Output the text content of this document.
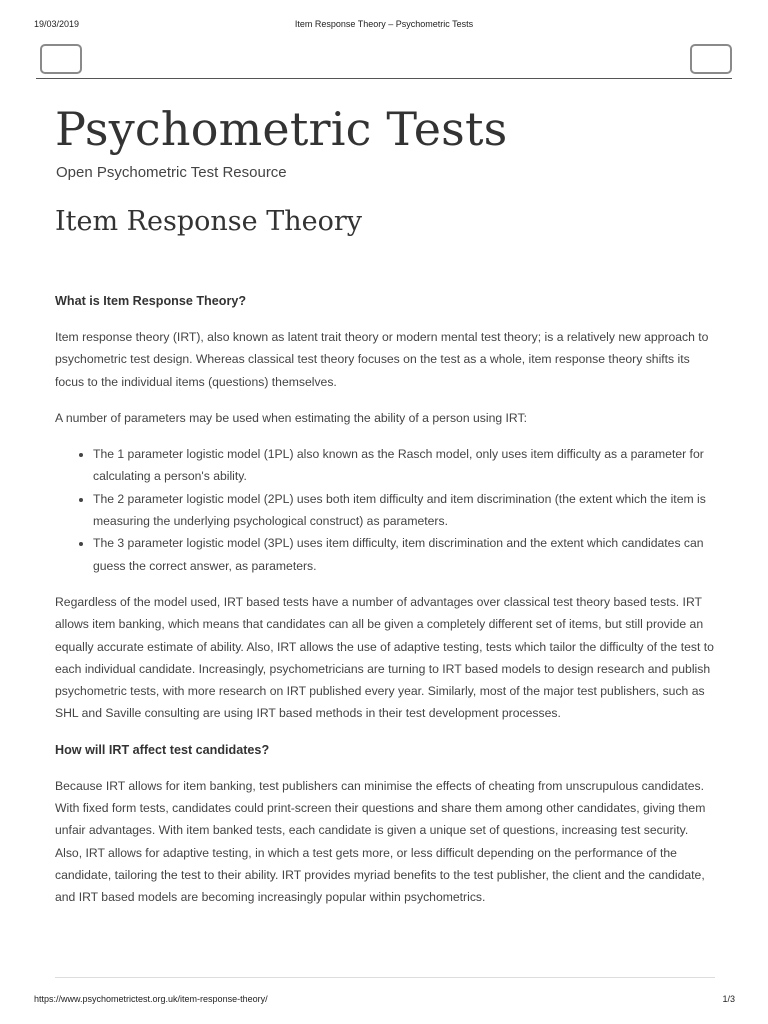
19/03/2019	Item Response Theory – Psychometric Tests
Psychometric Tests
Open Psychometric Test Resource
Item Response Theory
What is Item Response Theory?

Item response theory (IRT), also known as latent trait theory or modern mental test theory; is a relatively new approach to psychometric test design. Whereas classical test theory focuses on the test as a whole, item response theory shifts its focus to the individual items (questions) themselves.

A number of parameters may be used when estimating the ability of a person using IRT:

• The 1 parameter logistic model (1PL) also known as the Rasch model, only uses item difficulty as a parameter for calculating a person's ability.
• The 2 parameter logistic model (2PL) uses both item difficulty and item discrimination (the extent which the item is measuring the underlying psychological construct) as parameters.
• The 3 parameter logistic model (3PL) uses item difficulty, item discrimination and the extent which candidates can guess the correct answer, as parameters.

Regardless of the model used, IRT based tests have a number of advantages over classical test theory based tests. IRT allows item banking, which means that candidates can all be given a completely different set of items, but still provide an equally accurate estimate of ability. Also, IRT allows the use of adaptive testing, tests which tailor the difficulty of the test to each individual candidate. Increasingly, psychometricians are turning to IRT based models to design research and publish psychometric tests, with more research on IRT published every year. Similarly, most of the major test publishers, such as SHL and Saville consulting are using IRT based methods in their test development processes.

How will IRT affect test candidates?

Because IRT allows for item banking, test publishers can minimise the effects of cheating from unscrupulous candidates. With fixed form tests, candidates could print-screen their questions and share them among other candidates, giving them unfair advantages. With item banked tests, each candidate is given a unique set of questions, increasing test security. Also, IRT allows for adaptive testing, in which a test gets more, or less difficult depending on the performance of the candidate, tailoring the test to their ability. IRT provides myriad benefits to the test publisher, the client and the candidate, and IRT based models are becoming increasingly popular within psychometrics.

https://www.psychometrictest.org.uk/item-response-theory/	1/3
